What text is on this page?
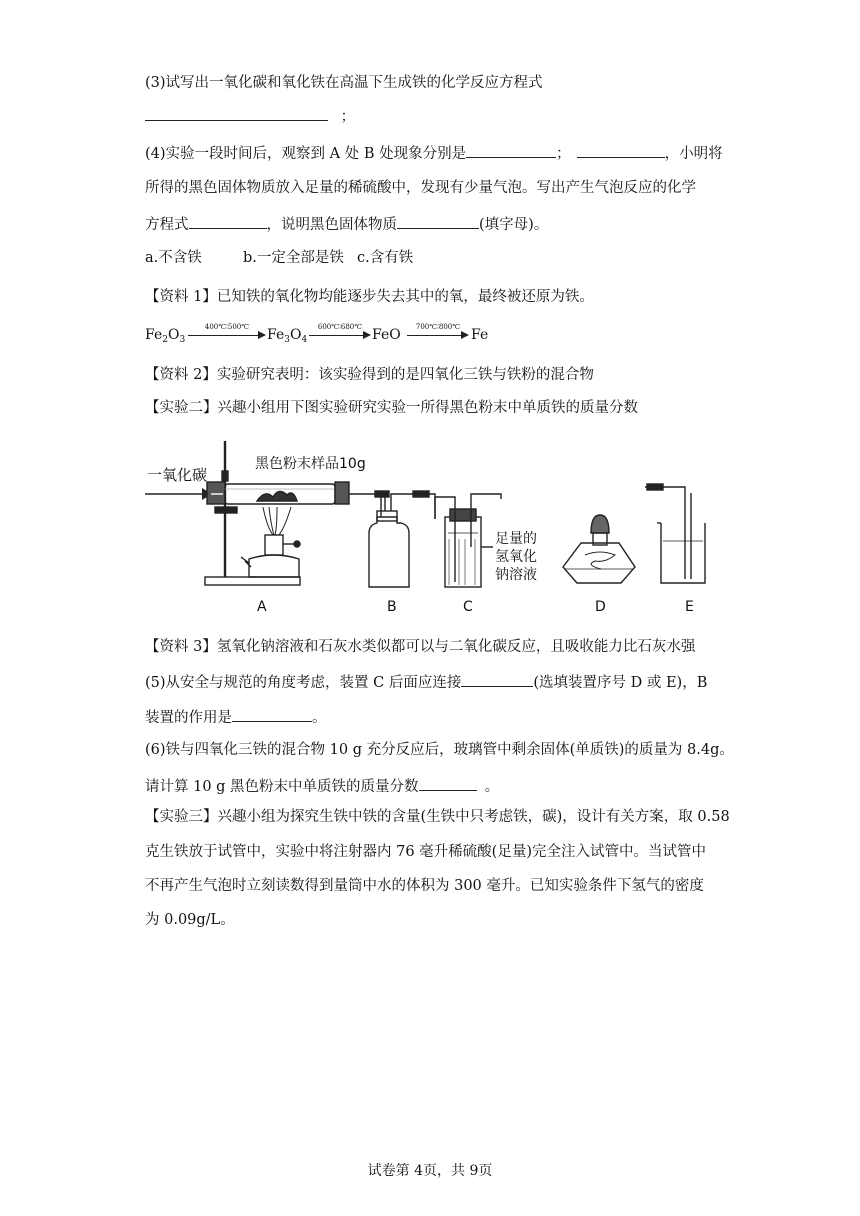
(3)试写出一氧化碳和氧化铁在高温下生成铁的化学反应方程式
；
(4)实验一段时间后，观察到 A 处 B 处现象分别是	；	，小明将
所得的黑色固体物质放入足量的稀硫酸中，发现有少量气泡。写出产生气泡反应的化学
方程式	，说明黑色固体物质	(填字母)。
a.不含铁	b.一定全部是铁 c.含有铁
【资料 1】已知铁的氧化物均能逐步失去其中的氧，最终被还原为铁。
$Fe_2O_3$
400℃∶500℃	$Fe_3O_4$
600℃∶680℃ FeO	700℃∶800℃ Fe
【资料 2】实验研究表明：该实验得到的是四氧化三铁与铁粉的混合物
【实验二】兴趣小组用下图实验研究实验一所得黑色粉末中单质铁的质量分数
一氧化碳
黑色粉末样品10g
足量的
氢氧化
钠溶液
A	B	C	D	E
【资料 3】氢氧化钠溶液和石灰水类似都可以与二氧化碳反应，且吸收能力比石灰水强
(5)从安全与规范的角度考虑，装置 C 后面应连接	(选填装置序号 D 或 E)，B
装置的作用是	。
(6)铁与四氧化三铁的混合物 10 g 充分反应后，玻璃管中剩余固体(单质铁)的质量为 8.4g。
请计算 10 g 黑色粉末中单质铁的质量分数	。
【实验三】兴趣小组为探究生铁中铁的含量(生铁中只考虑铁，碳)，设计有关方案，取 0.58
克生铁放于试管中，实验中将注射器内 76 毫升稀硫酸(足量)完全注入试管中。当试管中
不再产生气泡时立刻读数得到量筒中水的体积为 300 毫升。已知实验条件下氢气的密度
为 0.09g/L。
试卷第 4页，共 9页
